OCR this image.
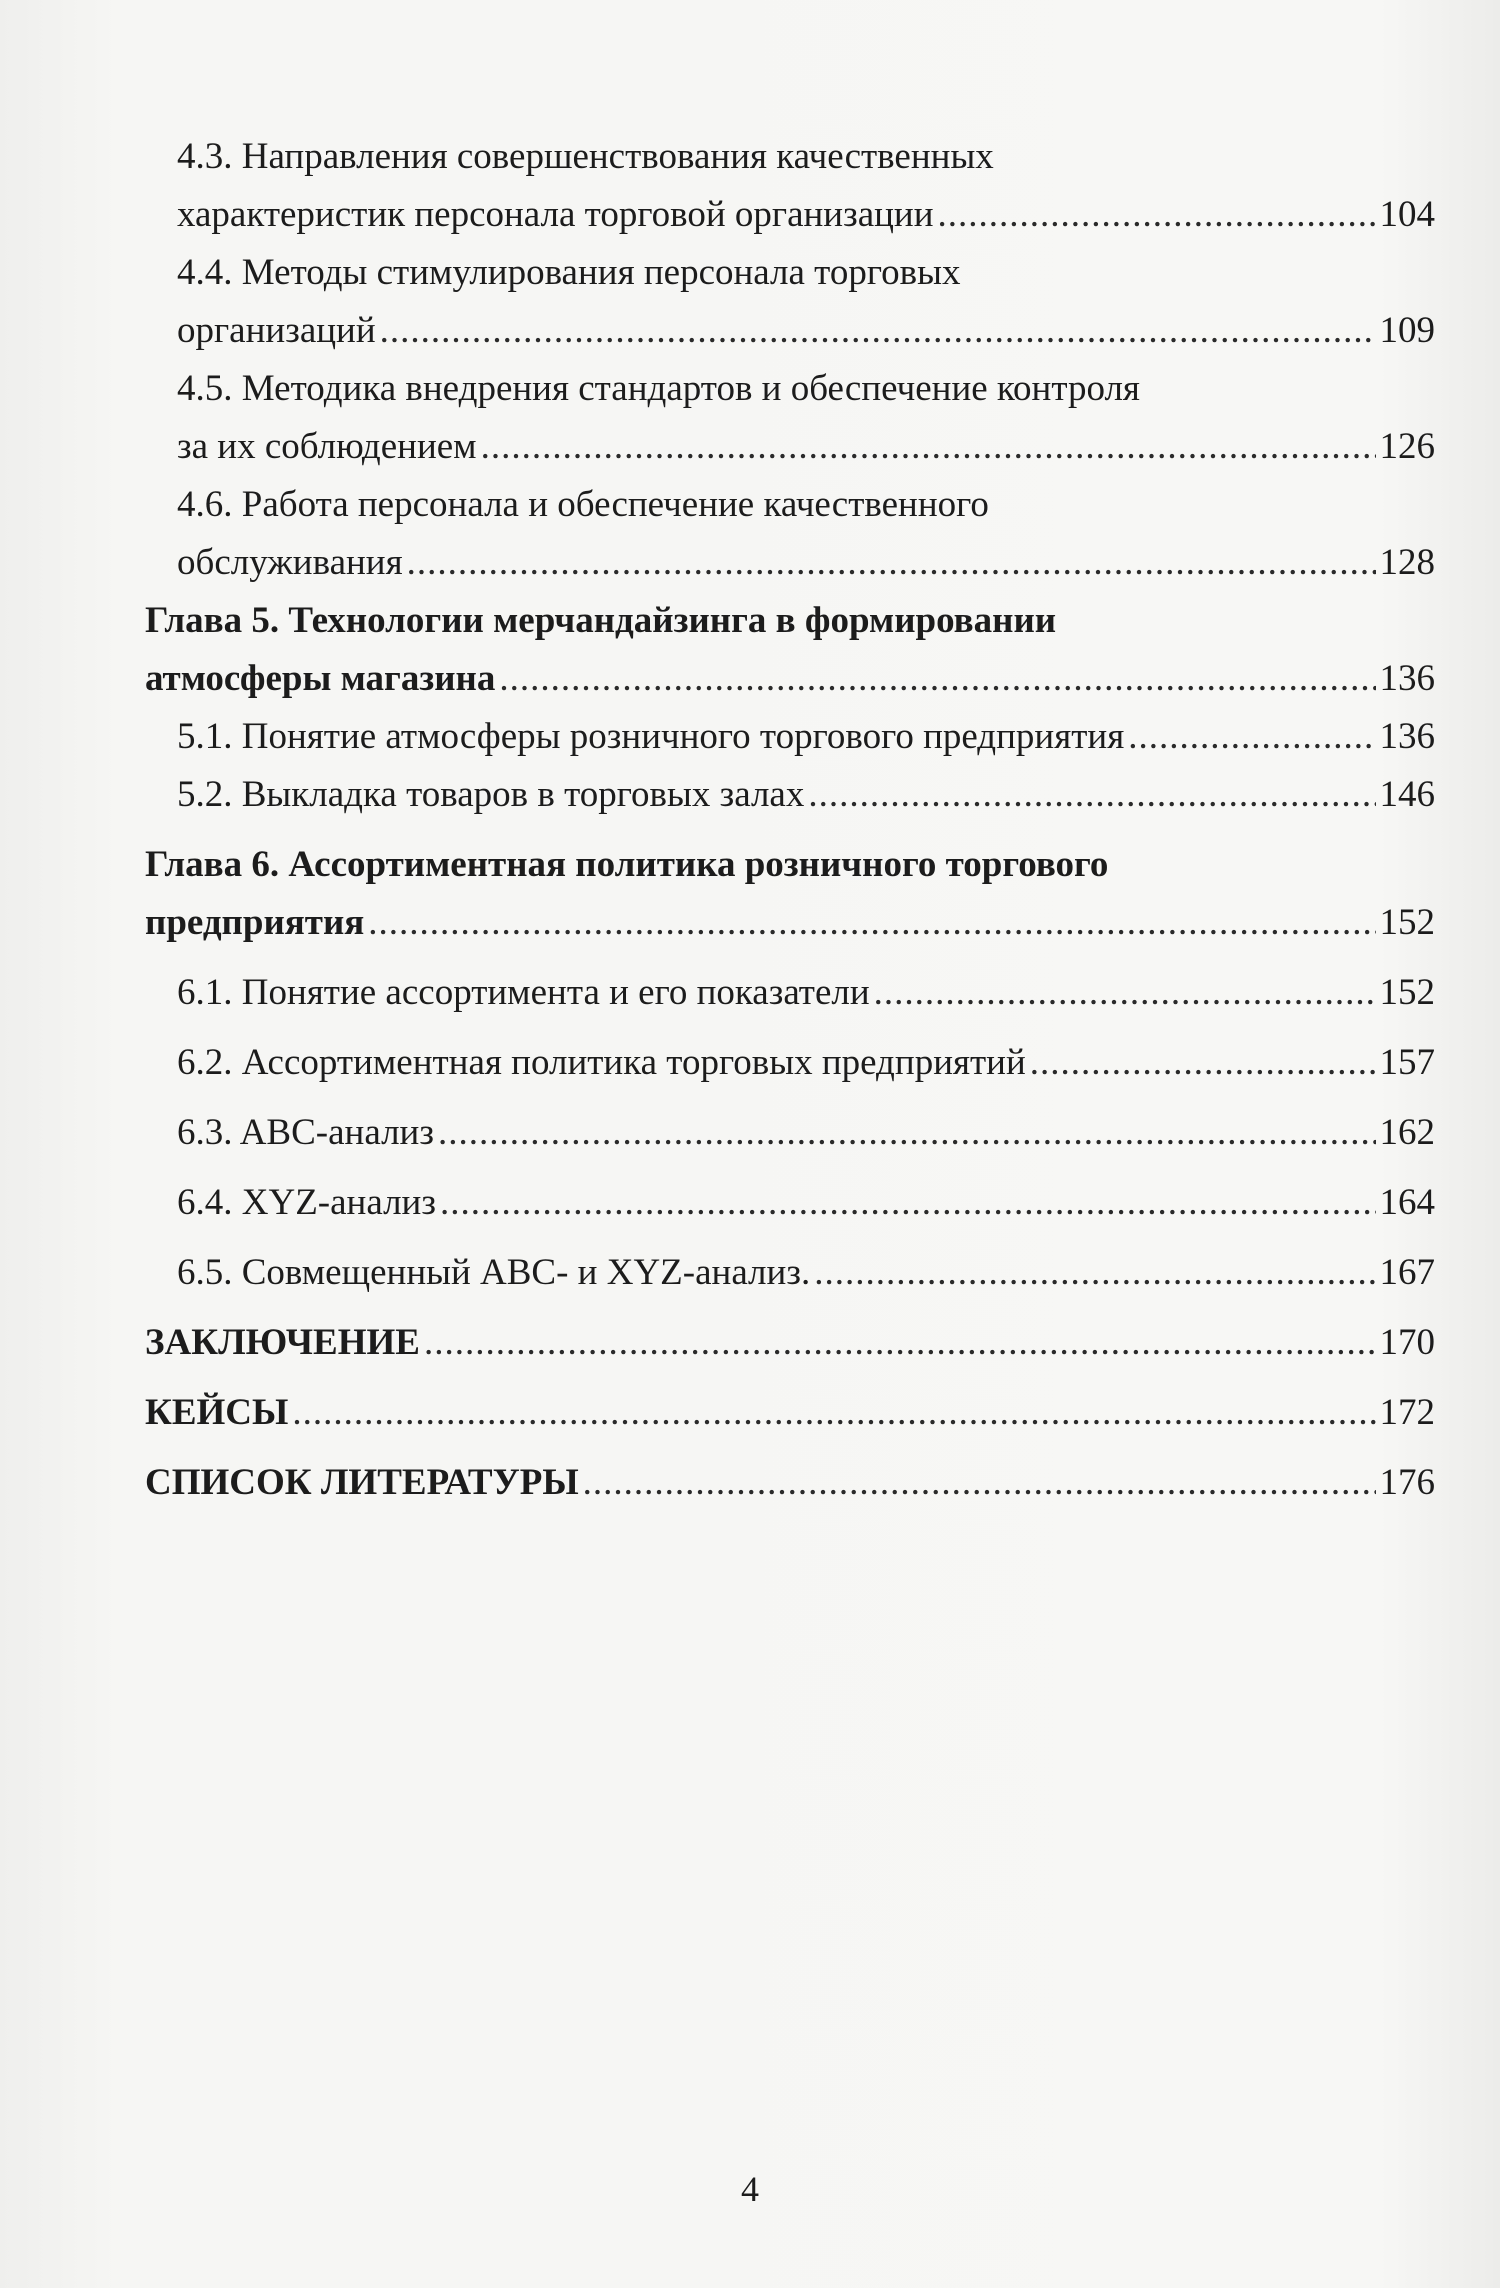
4.3. Направления совершенствования качественных
характеристик персонала торговой организации .....	104
4.4. Методы стимулирования персонала торговых
организаций .....	109
4.5. Методика внедрения стандартов и обеспечение контроля
за их соблюдением .....	126
4.6. Работа персонала и обеспечение качественного
обслуживания .....	128
Глава 5. Технологии мерчандайзинга в формировании
атмосферы магазина .....	136
5.1. Понятие атмосферы розничного торгового предприятия .....	136
5.2. Выкладка товаров в торговых залах .....	146
Глава 6. Ассортиментная политика розничного торгового
предприятия .....	152
6.1. Понятие ассортимента и его показатели .....	152
6.2. Ассортиментная политика торговых предприятий .....	157
6.3. ABC-анализ .....	162
6.4. XYZ-анализ .....	164
6.5. Совмещенный ABC- и XYZ-анализ. .....	167
ЗАКЛЮЧЕНИЕ .....	170
КЕЙСЫ .....	172
СПИСОК ЛИТЕРАТУРЫ .....	176
4
